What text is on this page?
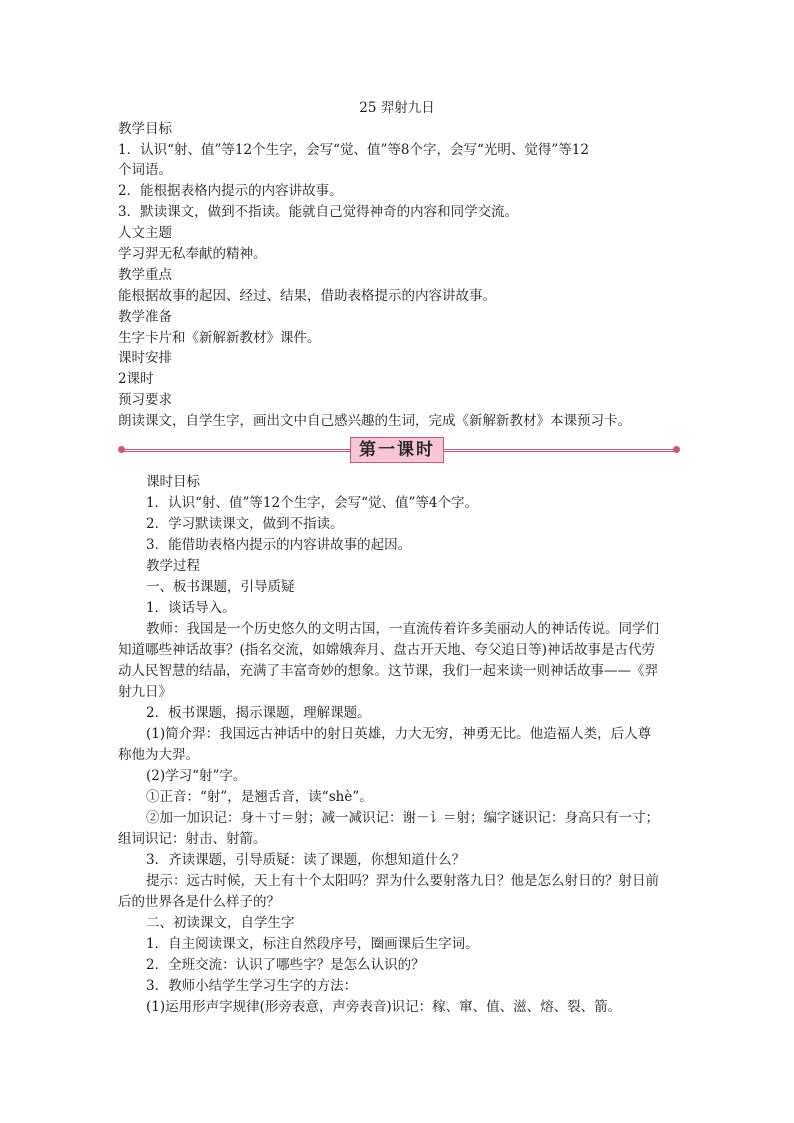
25 羿射九日
教学目标
1．认识“射、值”等12个生字，会写“觉、值”等8个字，会写“光明、觉得”等12
个词语。
2．能根据表格内提示的内容讲故事。
3．默读课文，做到不指读。能就自己觉得神奇的内容和同学交流。
人文主题
学习羿无私奉献的精神。
教学重点
能根据故事的起因、经过、结果，借助表格提示的内容讲故事。
教学准备
生字卡片和《新解新教材》课件。
课时安排
2课时
预习要求
朗读课文，自学生字，画出文中自己感兴趣的生词，完成《新解新教材》本课预习卡。
第一课时
课时目标
1．认识“射、值”等12个生字，会写“觉、值”等4个字。
2．学习默读课文，做到不指读。
3．能借助表格内提示的内容讲故事的起因。
教学过程
一、板书课题，引导质疑
1．谈话导入。
教师：我国是一个历史悠久的文明古国，一直流传着许多美丽动人的神话传说。同学们
知道哪些神话故事？(指名交流，如嫦娥奔月、盘古开天地、夸父追日等)神话故事是古代劳
动人民智慧的结晶，充满了丰富奇妙的想象。这节课，我们一起来读一则神话故事——《羿
射九日》
2．板书课题，揭示课题，理解课题。
(1)简介羿：我国远古神话中的射日英雄，力大无穷，神勇无比。他造福人类，后人尊
称他为大羿。
(2)学习“射”字。
①正音：“射”，是翘舌音，读“shè”。
②加一加识记：身＋寸＝射；减一减识记：谢－讠＝射；编字谜识记：身高只有一寸；
组词识记：射击、射箭。
3．齐读课题，引导质疑：读了课题，你想知道什么？
提示：远古时候，天上有十个太阳吗？羿为什么要射落九日？他是怎么射日的？射日前
后的世界各是什么样子的？
二、初读课文，自学生字
1．自主阅读课文，标注自然段序号，圈画课后生字词。
2．全班交流：认识了哪些字？是怎么认识的？
3．教师小结学生学习生字的方法：
(1)运用形声字规律(形旁表意，声旁表音)识记：稼、窜、值、滋、熔、裂、箭。
